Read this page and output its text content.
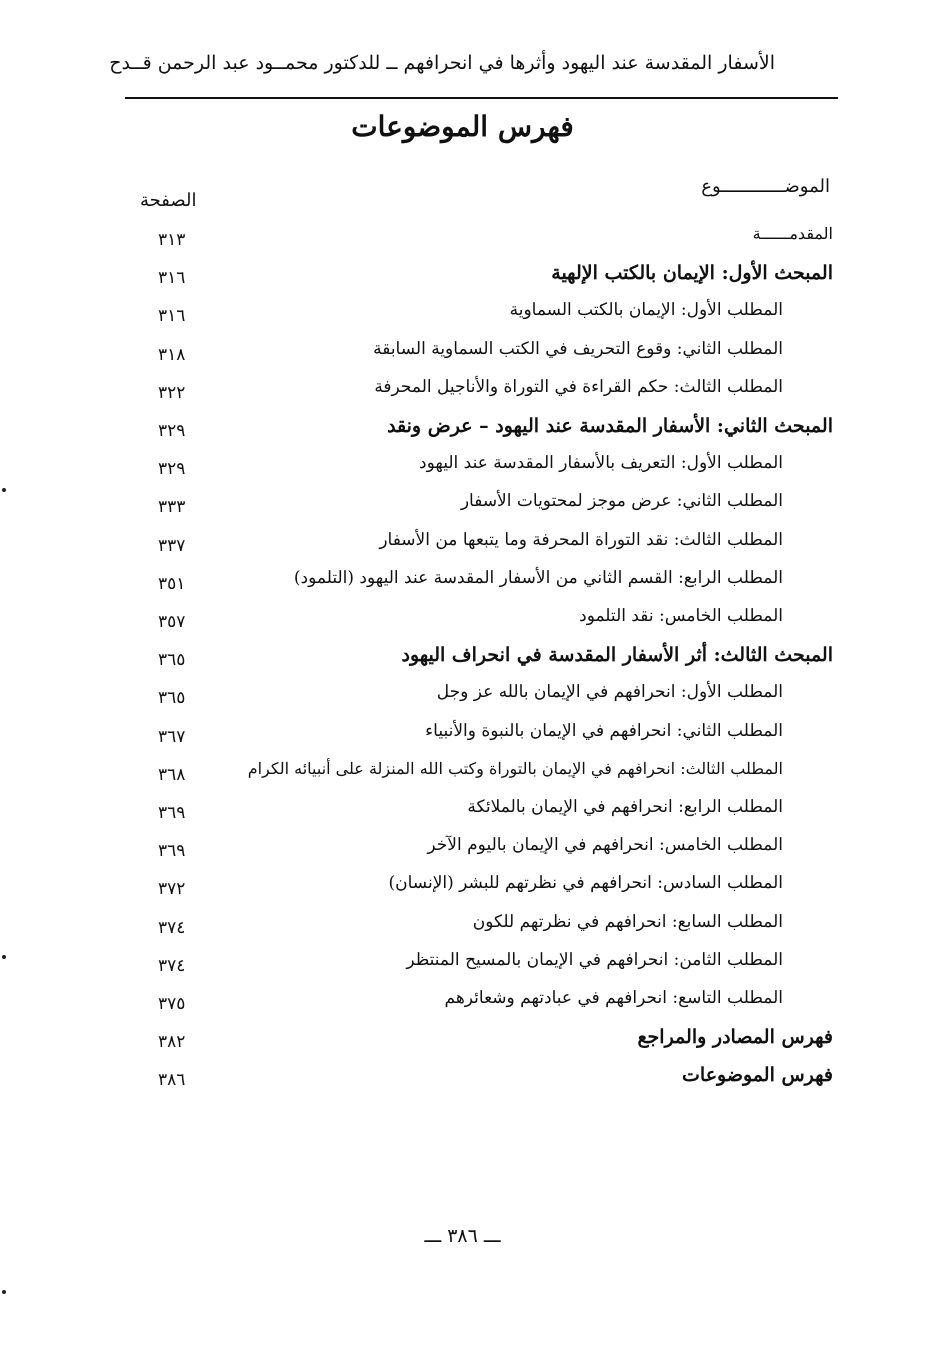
الأسفار المقدسة عند اليهود وأثرها في انحرافهم ــ للدكتور محمــود عبد الرحمن قــدح
فهرس الموضوعات
الموضــــــــــــوع
الصفحة
المقدمــــــة
٣١٣
المبحث الأول: الإيمان بالكتب الإلهية
٣١٦
المطلب الأول: الإيمان بالكتب السماوية
٣١٦
المطلب الثاني: وقوع التحريف في الكتب السماوية السابقة
٣١٨
المطلب الثالث: حكم القراءة في التوراة والأناجيل المحرفة
٣٢٢
المبحث الثاني: الأسفار المقدسة عند اليهود – عرض ونقد
٣٢٩
المطلب الأول: التعريف بالأسفار المقدسة عند اليهود
٣٢٩
المطلب الثاني: عرض موجز لمحتويات الأسفار
٣٣٣
المطلب الثالث: نقد التوراة المحرفة وما يتبعها من الأسفار
٣٣٧
المطلب الرابع: القسم الثاني من الأسفار المقدسة عند اليهود (التلمود)
٣٥١
المطلب الخامس: نقد التلمود
٣٥٧
المبحث الثالث: أثر الأسفار المقدسة في انحراف اليهود
٣٦٥
المطلب الأول: انحرافهم في الإيمان بالله عز وجل
٣٦٥
المطلب الثاني: انحرافهم في الإيمان بالنبوة والأنبياء
٣٦٧
المطلب الثالث: انحرافهم في الإيمان بالتوراة وكتب الله المنزلة على أنبيائه الكرام
٣٦٨
المطلب الرابع: انحرافهم في الإيمان بالملائكة
٣٦٩
المطلب الخامس: انحرافهم في الإيمان باليوم الآخر
٣٦٩
المطلب السادس: انحرافهم في نظرتهم للبشر (الإنسان)
٣٧٢
المطلب السابع: انحرافهم في نظرتهم للكون
٣٧٤
المطلب الثامن: انحرافهم في الإيمان بالمسيح المنتظر
٣٧٤
المطلب التاسع: انحرافهم في عبادتهم وشعائرهم
٣٧٥
فهرس المصادر والمراجع
٣٨٢
فهرس الموضوعات
٣٨٦
ـــ ٣٨٦ ـــ
